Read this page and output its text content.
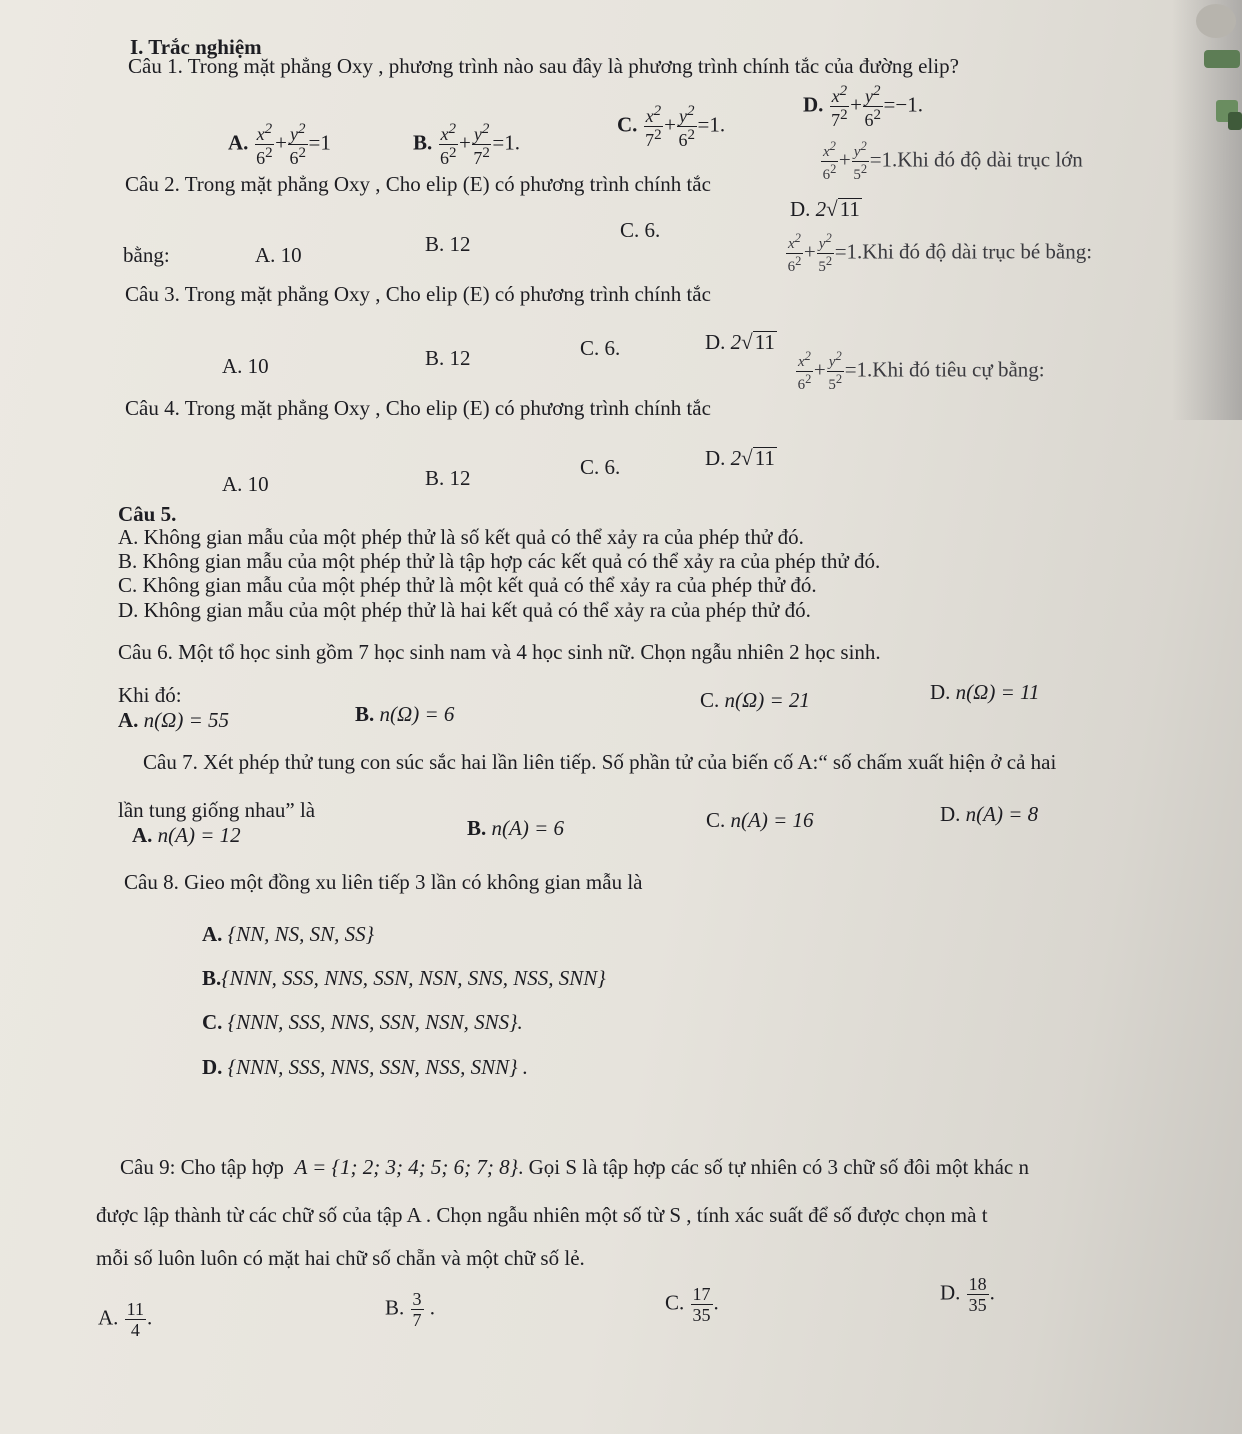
I. Trắc nghiệm
Câu 1. Trong mặt phẳng Oxy , phương trình nào sau đây là phương trình chính tắc của đường elip?
A. $\frac{x^2}{6^2} + \frac{y^2}{6^2} =1$	B. $\frac{x^2}{6^2} + \frac{y^2}{7^2} =1$.
C. $\frac{x^2}{7^2} + \frac{y^2}{6^2} =1$.
D. $\frac{x^2}{7^2} + \frac{y^2}{6^2} =-1$.
Câu 2. Trong mặt phẳng Oxy , Cho elip (E) có phương trình chính tắc
$\frac{x^2}{6^2} + \frac{y^2}{5^2} =1.Khi$ đó độ dài trục lớn
bằng:	A. 10	B. 12
C. 6.
D. 2√11
Câu 3. Trong mặt phẳng Oxy , Cho elip (E) có phương trình chính tắc
$\frac{x^2}{6^2} + \frac{y^2}{5^2} =1.Khi$ đó độ dài trục bé bằng:
A. 10	B. 12	C. 6.	D. 2√11
Câu 4. Trong mặt phẳng Oxy , Cho elip (E) có phương trình chính tắc
$\frac{x^2}{6^2} + \frac{y^2}{5^2} =1.Khi$ đó tiêu cự bằng:
A. 10	B. 12	C. 6.	D. 2√11
Câu 5.
A. Không gian mẫu của một phép thử là số kết quả có thể xảy ra của phép thử đó.
B. Không gian mẫu của một phép thử là tập hợp các kết quả có thể xảy ra của phép thử đó.
C. Không gian mẫu của một phép thử là một kết quả có thể xảy ra của phép thử đó.
D. Không gian mẫu của một phép thử là hai kết quả có thể xảy ra của phép thử đó.
Câu 6. Một tổ học sinh gồm 7 học sinh nam và 4 học sinh nữ. Chọn ngẫu nhiên 2 học sinh.
Khi đó:
A. n(Ω) = 55	B. n(Ω) = 6
C. n(Ω) = 21	D. n(Ω) = 11
Câu 7. Xét phép thử tung con súc sắc hai lần liên tiếp. Số phần tử của biến cố A:“ số chấm xuất hiện ở cả hai
lần tung giống nhau” là
A. n(A) = 12	B. n(A) = 6	C. n(A) = 16	D. n(A) = 8
Câu 8. Gieo một đồng xu liên tiếp 3 lần có không gian mẫu là
A. {NN, NS, SN, SS}
B.{NNN, SSS, NNS, SSN, NSN, SNS, NSS, SNN}
C. {NNN, SSS, NNS, SSN, NSN, SNS}.
D. {NNN, SSS, NNS, SSN, NSS, SNN} .
Câu 9: Cho tập hợp A = {1; 2; 3; 4; 5; 6; 7; 8}. Gọi S là tập hợp các số tự nhiên có 3 chữ số đôi một khác n
được lập thành từ các chữ số của tập A . Chọn ngẫu nhiên một số từ S , tính xác suất để số được chọn mà t
mỗi số luôn luôn có mặt hai chữ số chẵn và một chữ số lẻ.
A. $\frac{11}{4}$ .	B. $\frac{3}{7}$ .	C. $\frac{17}{35}$ .	D. $\frac{18}{35}$ .
